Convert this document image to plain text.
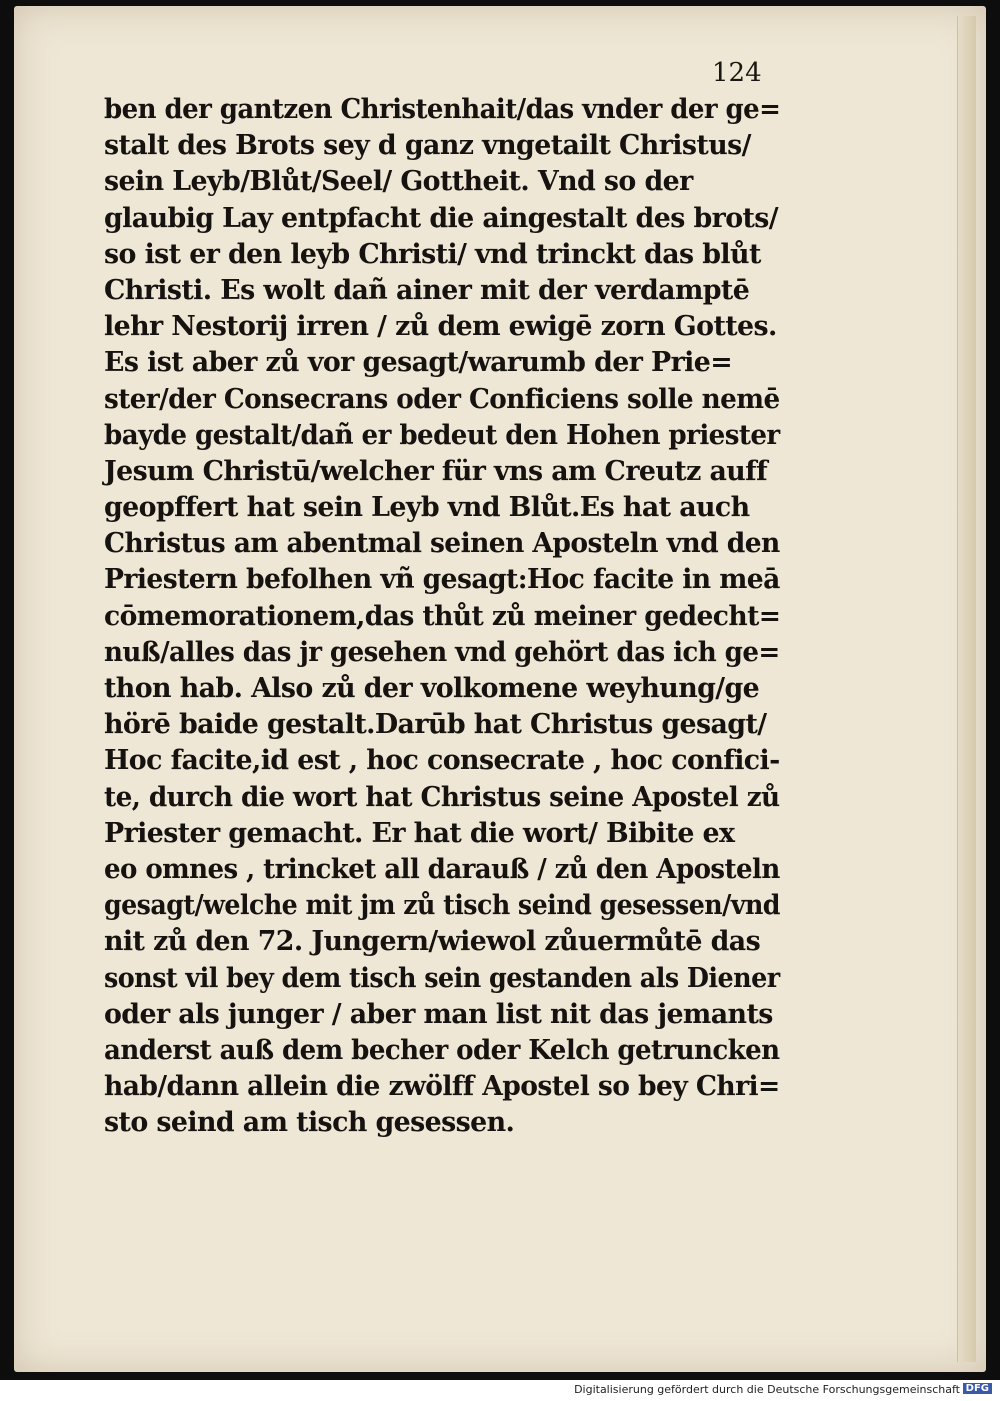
124
ben der gantzen Christenhait/das vnder der ge=
stalt des Brots sey d ganz vngetailt Christus/
sein Leyb/Blůt/Seel/ Gottheit. Vnd so der
glaubig Lay entpfacht die aingestalt des brots/
so ist er den leyb Christi/ vnd trinckt das blůt
Christi. Es wolt dañ ainer mit der verdamptē
lehr Nestorij irren / zů dem ewigē zorn Gottes.
Es ist aber zů vor gesagt/warumb der Prie=
ster/der Consecrans oder Conficiens solle nemē
bayde gestalt/dañ er bedeut den Hohen priester
Jesum Christū/welcher für vns am Creutz auff
geopffert hat sein Leyb vnd Blůt.Es hat auch
Christus am abentmal seinen Aposteln vnd den
Priestern befolhen vñ gesagt:Hoc facite in meā
cōmemorationem,das thůt zů meiner gedecht=
nuß/alles das jr gesehen vnd gehört das ich ge=
thon hab. Also zů der volkomene weyhung/ge
hörē baide gestalt.Darūb hat Christus gesagt/
Hoc facite,id est , hoc consecrate , hoc confici-
te, durch die wort hat Christus seine Apostel zů
Priester gemacht. Er hat die wort/ Bibite ex
eo omnes , trincket all darauß / zů den Aposteln
gesagt/welche mit jm zů tisch seind gesessen/vnd
nit zů den 72. Jungern/wiewol zůuermůtē das
sonst vil bey dem tisch sein gestanden als Diener
oder als junger / aber man list nit das jemants
anderst auß dem becher oder Kelch getruncken
hab/dann allein die zwölff Apostel so bey Chri=
sto seind am tisch gesessen.
Digitalisierung gefördert durch die Deutsche Forschungsgemeinschaft DFG
